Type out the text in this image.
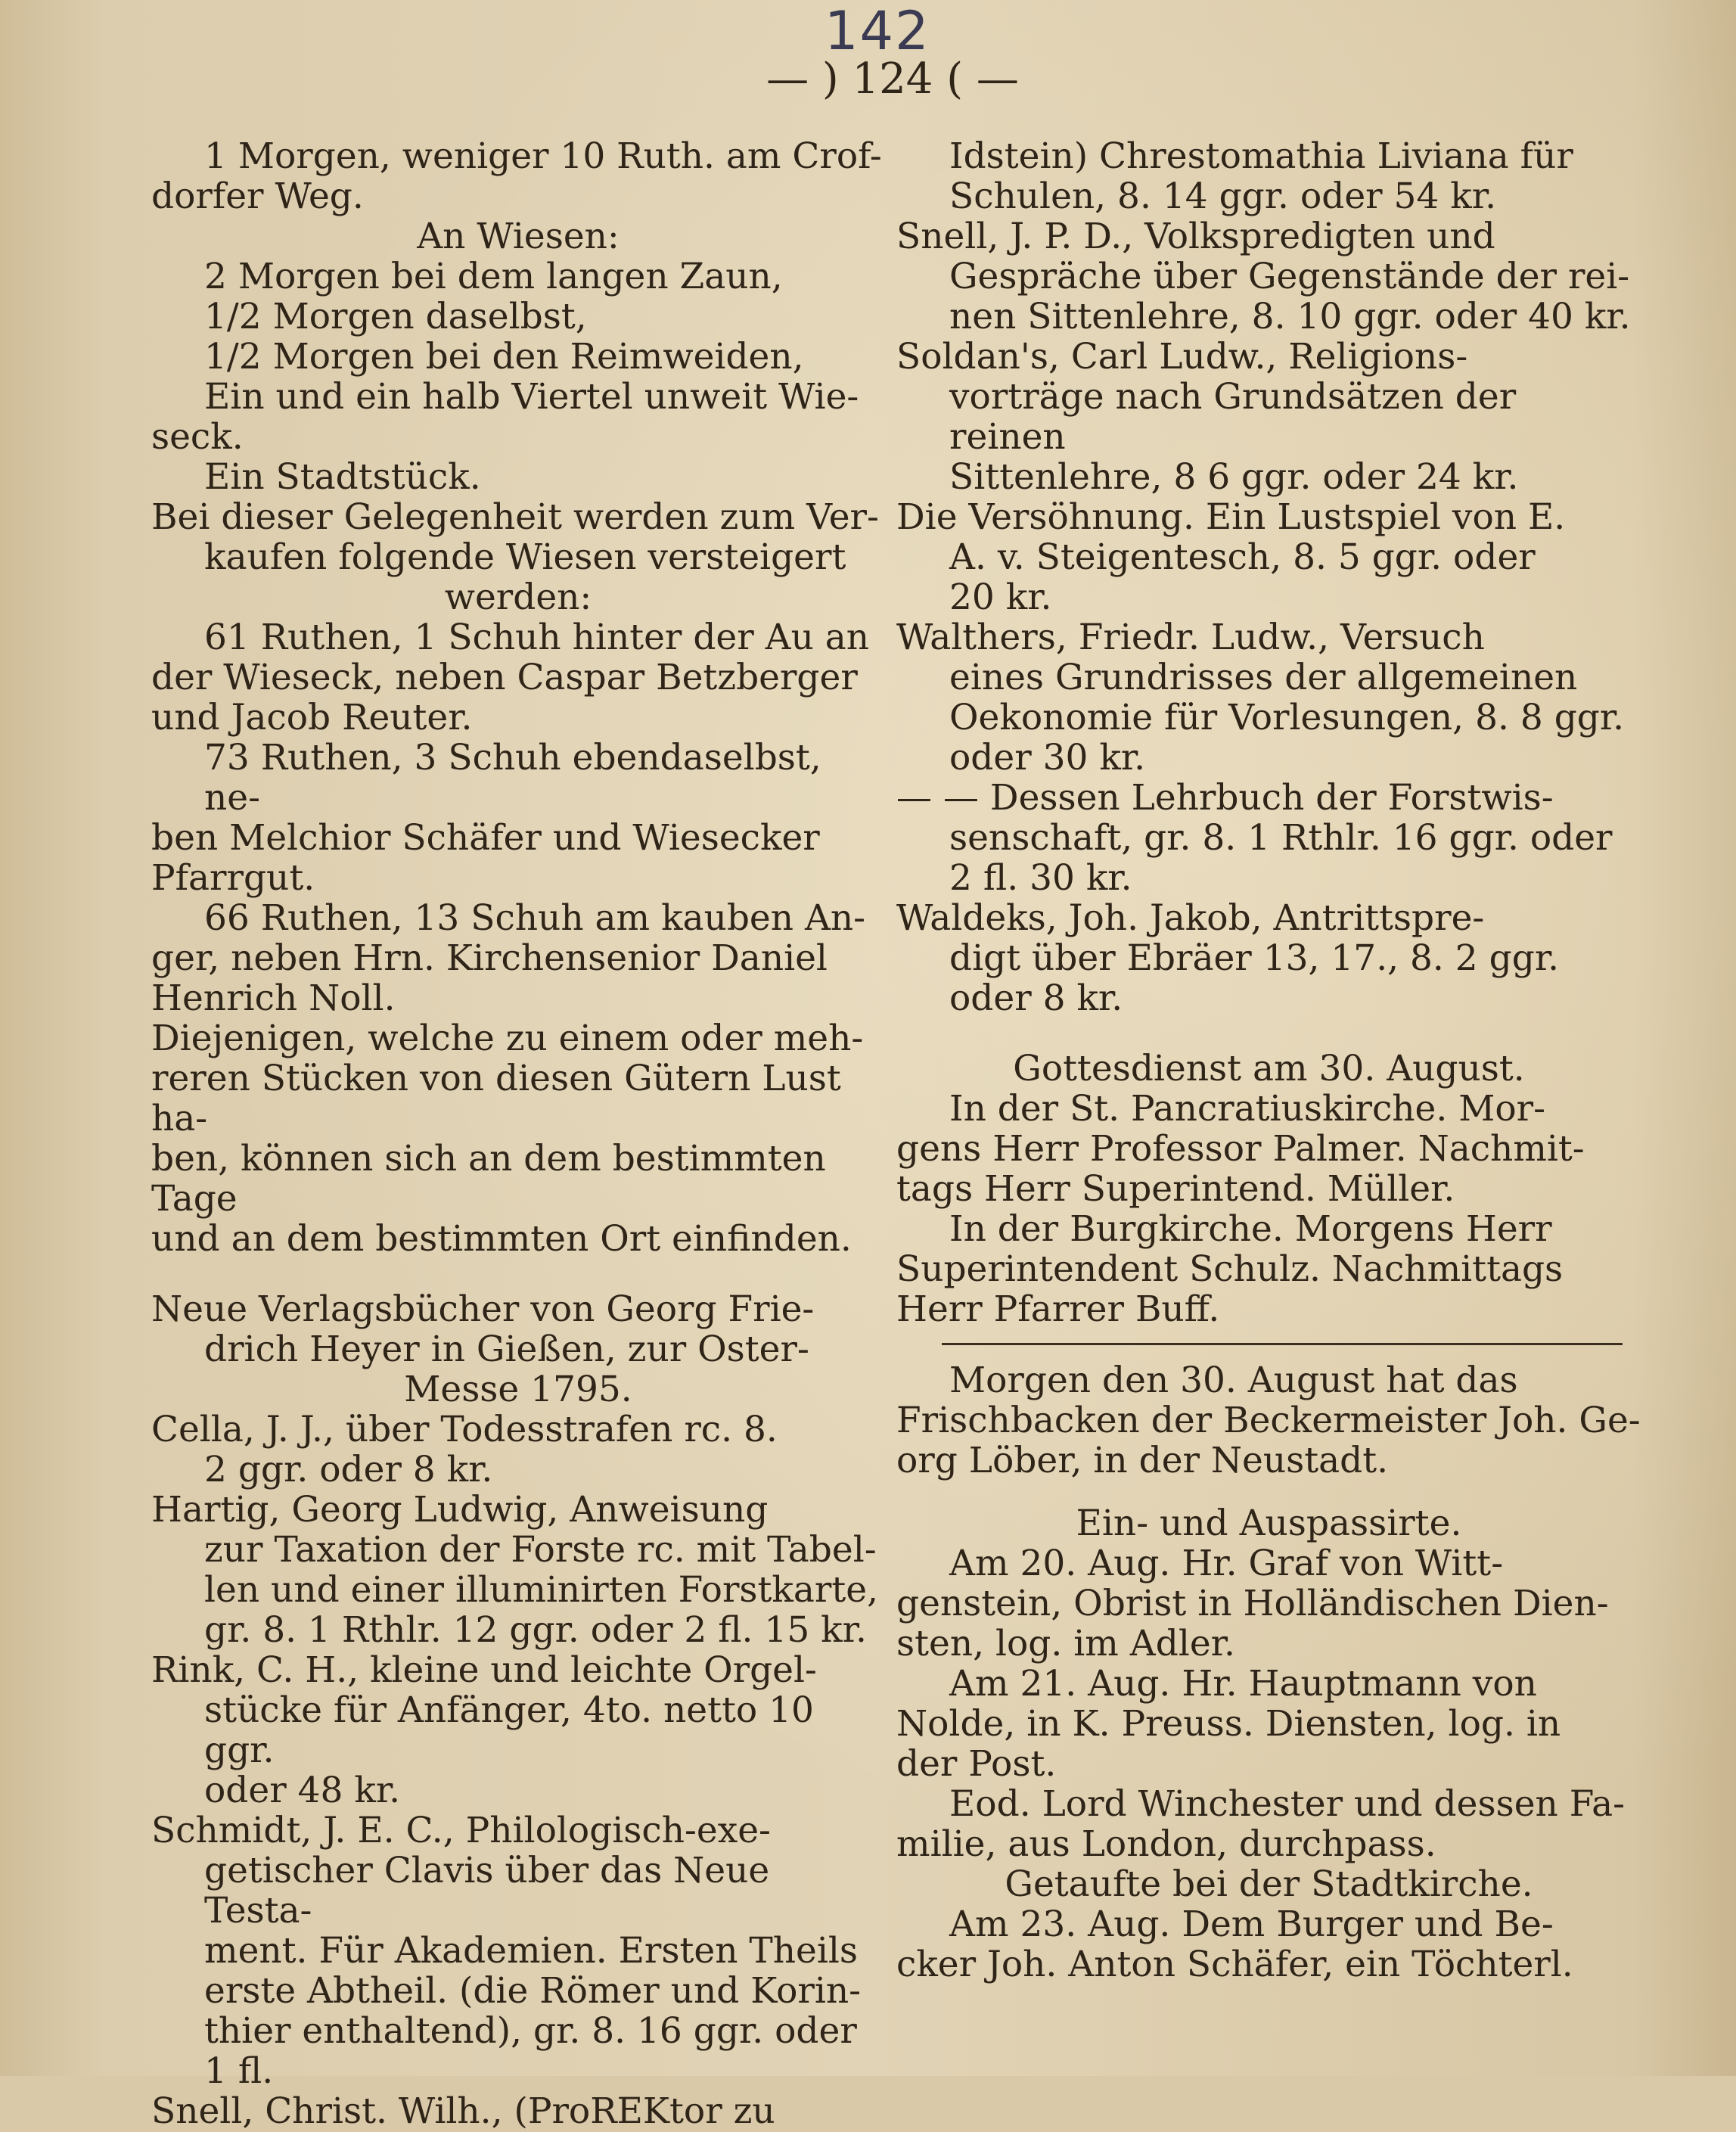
142
— ) 124 ( —

1 Morgen, weniger 10 Ruth. am Crof-

dorfer Weg.

An Wiesen:

2 Morgen bei dem langen Zaun,

1/2 Morgen daselbst,

1/2 Morgen bei den Reimweiden,

Ein und ein halb Viertel unweit Wie-

seck.

Ein Stadtstück.

Bei dieser Gelegenheit werden zum Ver-

kaufen folgende Wiesen versteigert

werden:

61 Ruthen, 1 Schuh hinter der Au an

der Wieseck, neben Caspar Betzberger

und Jacob Reuter.

73 Ruthen, 3 Schuh ebendaselbst, ne-

ben Melchior Schäfer und Wiesecker

Pfarrgut.

66 Ruthen, 13 Schuh am kauben An-

ger, neben Hrn. Kirchensenior Daniel

Henrich Noll.

Diejenigen, welche zu einem oder meh-

reren Stücken von diesen Gütern Lust ha-

ben, können sich an dem bestimmten Tage

und an dem bestimmten Ort einfinden.

Neue Verlagsbücher von Georg Frie-

drich Heyer in Gießen, zur Oster-

Messe 1795.

Cella, J. J., über Todesstrafen rc. 8.

2 ggr. oder 8 kr.

Hartig, Georg Ludwig, Anweisung

zur Taxation der Forste rc. mit Tabel-

len und einer illuminirten Forstkarte,

gr. 8. 1 Rthlr. 12 ggr. oder 2 fl. 15 kr.

Rink, C. H., kleine und leichte Orgel-

stücke für Anfänger, 4to. netto 10 ggr.

oder 48 kr.

Schmidt, J. E. C., Philologisch-exe-

getischer Clavis über das Neue Testa-

ment. Für Akademien. Ersten Theils

erste Abtheil. (die Römer und Korin-

thier enthaltend), gr. 8. 16 ggr. oder

1 fl.

Snell, Christ. Wilh., (ProREKtor zu

Idstein) Chrestomathia Liviana für

Schulen, 8. 14 ggr. oder 54 kr.

Snell, J. P. D., Volkspredigten und

Gespräche über Gegenstände der rei-

nen Sittenlehre, 8. 10 ggr. oder 40 kr.

Soldan's, Carl Ludw., Religions-

vorträge nach Grundsätzen der reinen

Sittenlehre, 8 6 ggr. oder 24 kr.

Die Versöhnung. Ein Lustspiel von E.

A. v. Steigentesch, 8. 5 ggr. oder

20 kr.

Walthers, Friedr. Ludw., Versuch

eines Grundrisses der allgemeinen

Oekonomie für Vorlesungen, 8. 8 ggr.

oder 30 kr.

— — Dessen Lehrbuch der Forstwis-

senschaft, gr. 8. 1 Rthlr. 16 ggr. oder

2 fl. 30 kr.

Waldeks, Joh. Jakob, Antrittspre-

digt über Ebräer 13, 17., 8. 2 ggr.

oder 8 kr.

Gottesdienst am 30. August.

In der St. Pancratiuskirche. Mor-

gens Herr Professor Palmer. Nachmit-

tags Herr Superintend. Müller.

In der Burgkirche. Morgens Herr

Superintendent Schulz. Nachmittags

Herr Pfarrer Buff.

Morgen den 30. August hat das

Frischbacken der Beckermeister Joh. Ge-

org Löber, in der Neustadt.

Ein- und Auspassirte.

Am 20. Aug. Hr. Graf von Witt-

genstein, Obrist in Holländischen Dien-

sten, log. im Adler.

Am 21. Aug. Hr. Hauptmann von

Nolde, in K. Preuss. Diensten, log. in

der Post.

Eod. Lord Winchester und dessen Fa-

milie, aus London, durchpass.

Getaufte bei der Stadtkirche.

Am 23. Aug. Dem Burger und Be-

cker Joh. Anton Schäfer, ein Töchterl.
